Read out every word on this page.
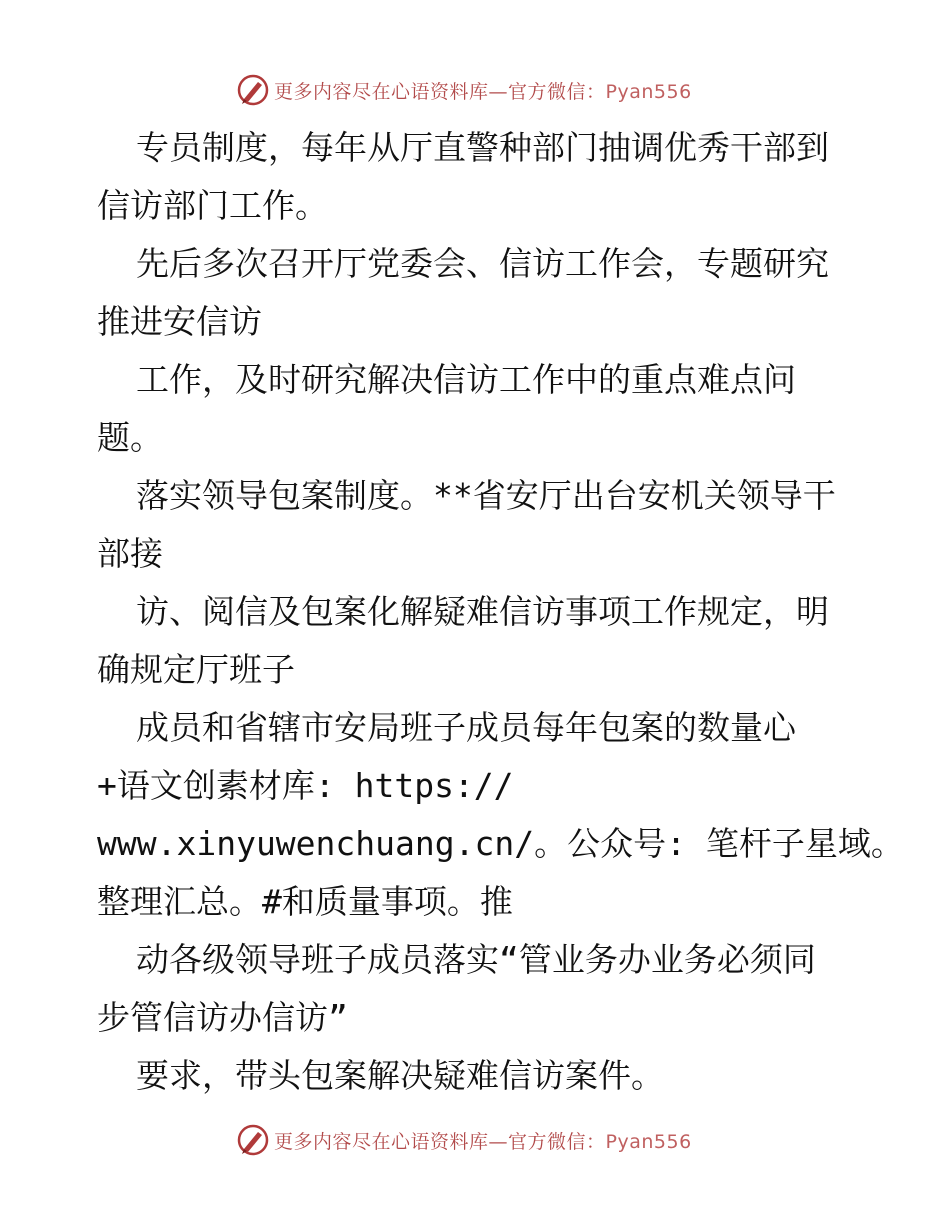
更多内容尽在心语资料库—官方微信：Pyan556
专员制度，每年从厅直警种部门抽调优秀干部到
信访部门工作。
先后多次召开厅党委会、信访工作会，专题研究
推进安信访
工作，及时研究解决信访工作中的重点难点问
题。
落实领导包案制度。**省安厅出台安机关领导干
部接
访、阅信及包案化解疑难信访事项工作规定，明
确规定厅班子
成员和省辖市安局班子成员每年包案的数量心
+语文创素材库: https://
www.xinyuwenchuang.cn/。公众号: 笔杆子星域。
整理汇总。#和质量事项。推
动各级领导班子成员落实“管业务办业务必须同
步管信访办信访”
要求，带头包案解决疑难信访案件。
更多内容尽在心语资料库—官方微信：Pyan556
